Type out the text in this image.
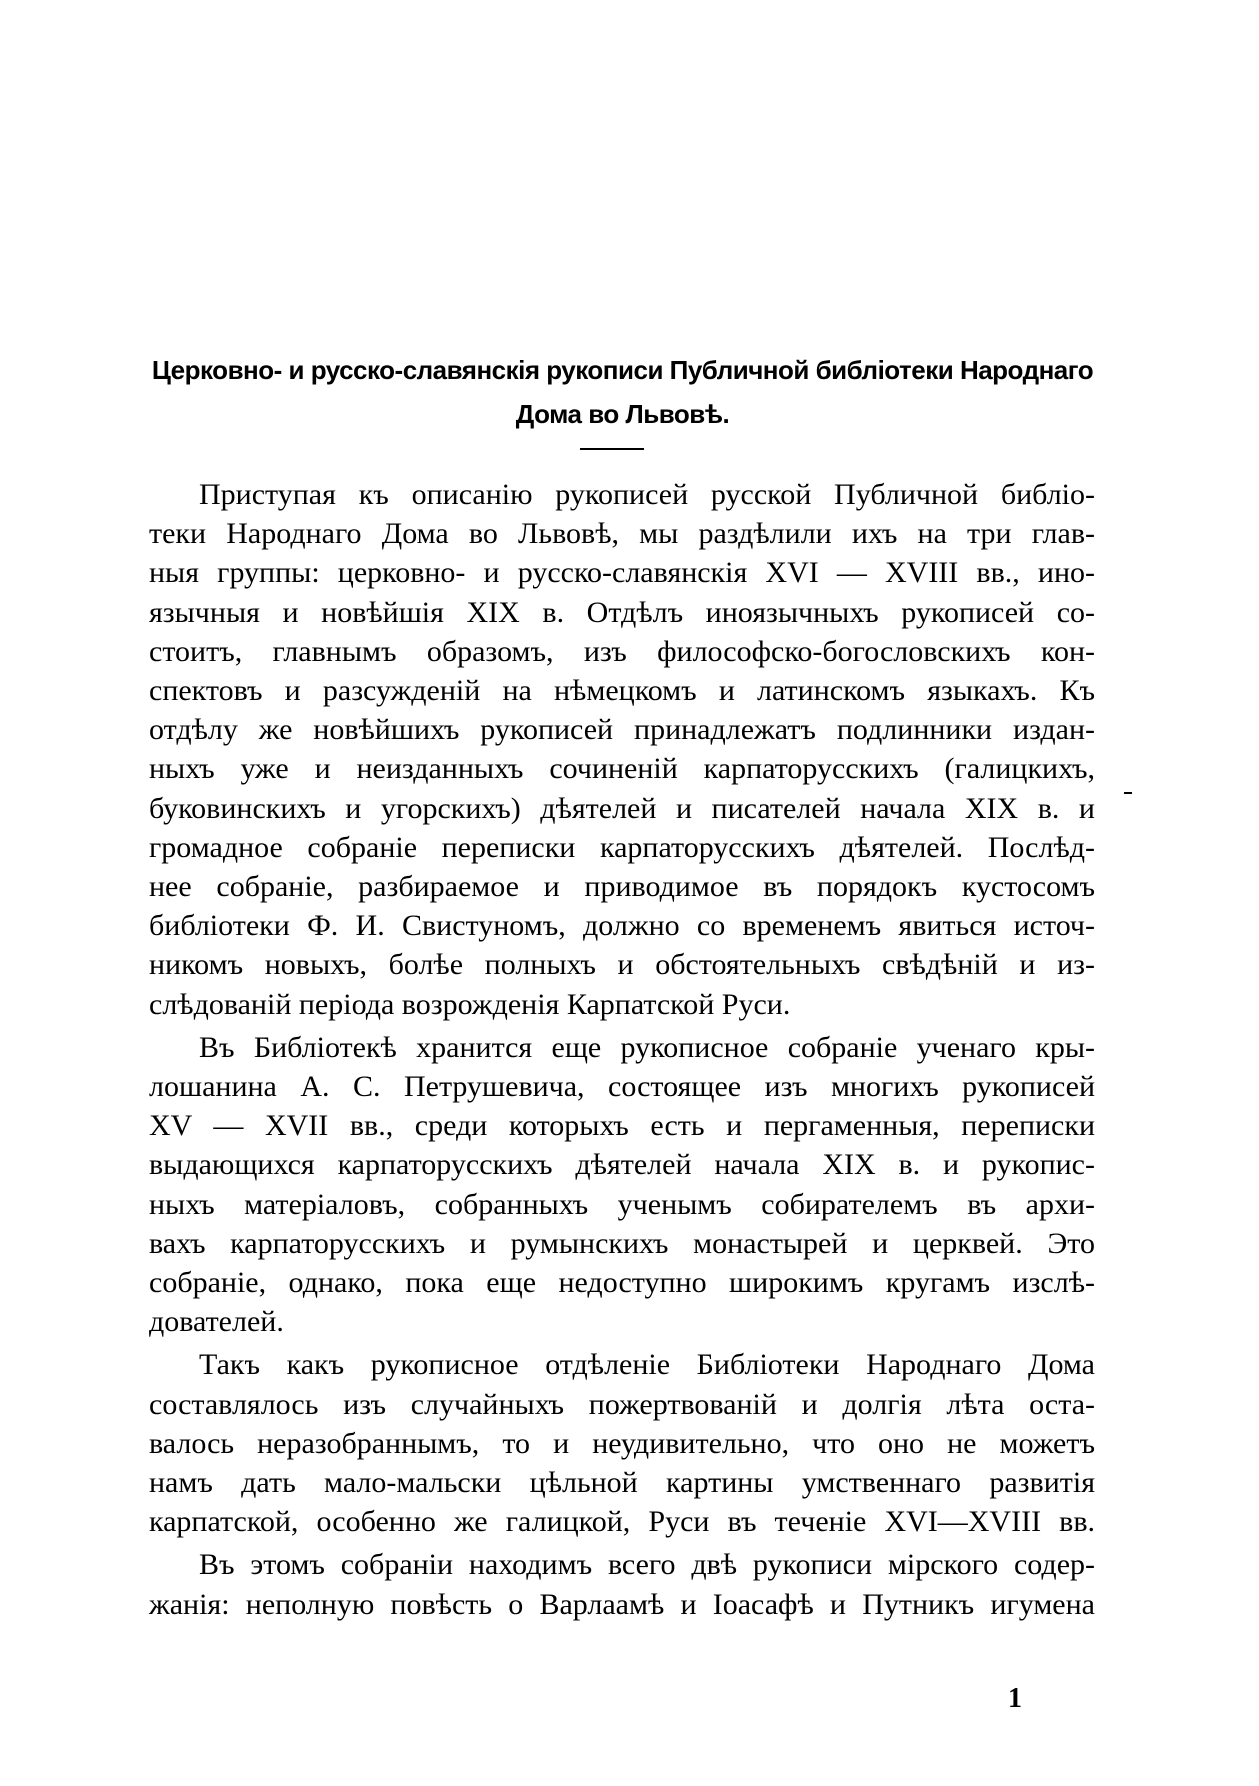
Церковно- и русско-славянскія рукописи Публичной библіотеки Народнаго
Дома во Львовѣ.

Приступая къ описанію рукописей русской Публичной библіо-
теки Народнаго Дома во Львовѣ, мы раздѣлили ихъ на три глав-
ныя группы: церковно- и русско-славянскія XVI — XVIII вв., ино-
язычныя и новѣйшія XIX в. Отдѣлъ иноязычныхъ рукописей со-
стоитъ, главнымъ образомъ, изъ философско-богословскихъ кон-
спектовъ и разсужденій на нѣмецкомъ и латинскомъ языкахъ. Къ
отдѣлу же новѣйшихъ рукописей принадлежатъ подлинники издан-
ныхъ уже и неизданныхъ сочиненій карпаторусскихъ (галицкихъ,
буковинскихъ и угорскихъ) дѣятелей и писателей начала XIX в. и
громадное собраніе переписки карпаторусскихъ дѣятелей. Послѣд-
нее собраніе, разбираемое и приводимое въ порядокъ кустосомъ
библіотеки Ф. И. Свистуномъ, должно со временемъ явиться источ-
никомъ новыхъ, болѣе полныхъ и обстоятельныхъ свѣдѣній и из-
слѣдованій періода возрожденія Карпатской Руси.

Въ Библіотекѣ хранится еще рукописное собраніе ученаго кры-
лошанина А. С. Петрушевича, состоящее изъ многихъ рукописей
XV — XVII вв., среди которыхъ есть и пергаменныя, переписки
выдающихся карпаторусскихъ дѣятелей начала XIX в. и рукопис-
ныхъ матеріаловъ, собранныхъ ученымъ собирателемъ въ архи-
вахъ карпаторусскихъ и румынскихъ монастырей и церквей. Это
собраніе, однако, пока еще недоступно широкимъ кругамъ изслѣ-
дователей.

Такъ какъ рукописное отдѣленіе Библіотеки Народнаго Дома
составлялось изъ случайныхъ пожертвованій и долгія лѣта оста-
валось неразобраннымъ, то и неудивительно, что оно не можетъ
намъ дать мало-мальски цѣльной картины умственнаго развитія
карпатской, особенно же галицкой, Руси въ теченіе XVI—XVIII вв.

Въ этомъ собраніи находимъ всего двѣ рукописи мірского содер-
жанія: неполную повѣсть о Варлаамѣ и Іоасафѣ и Путникъ игумена

1
